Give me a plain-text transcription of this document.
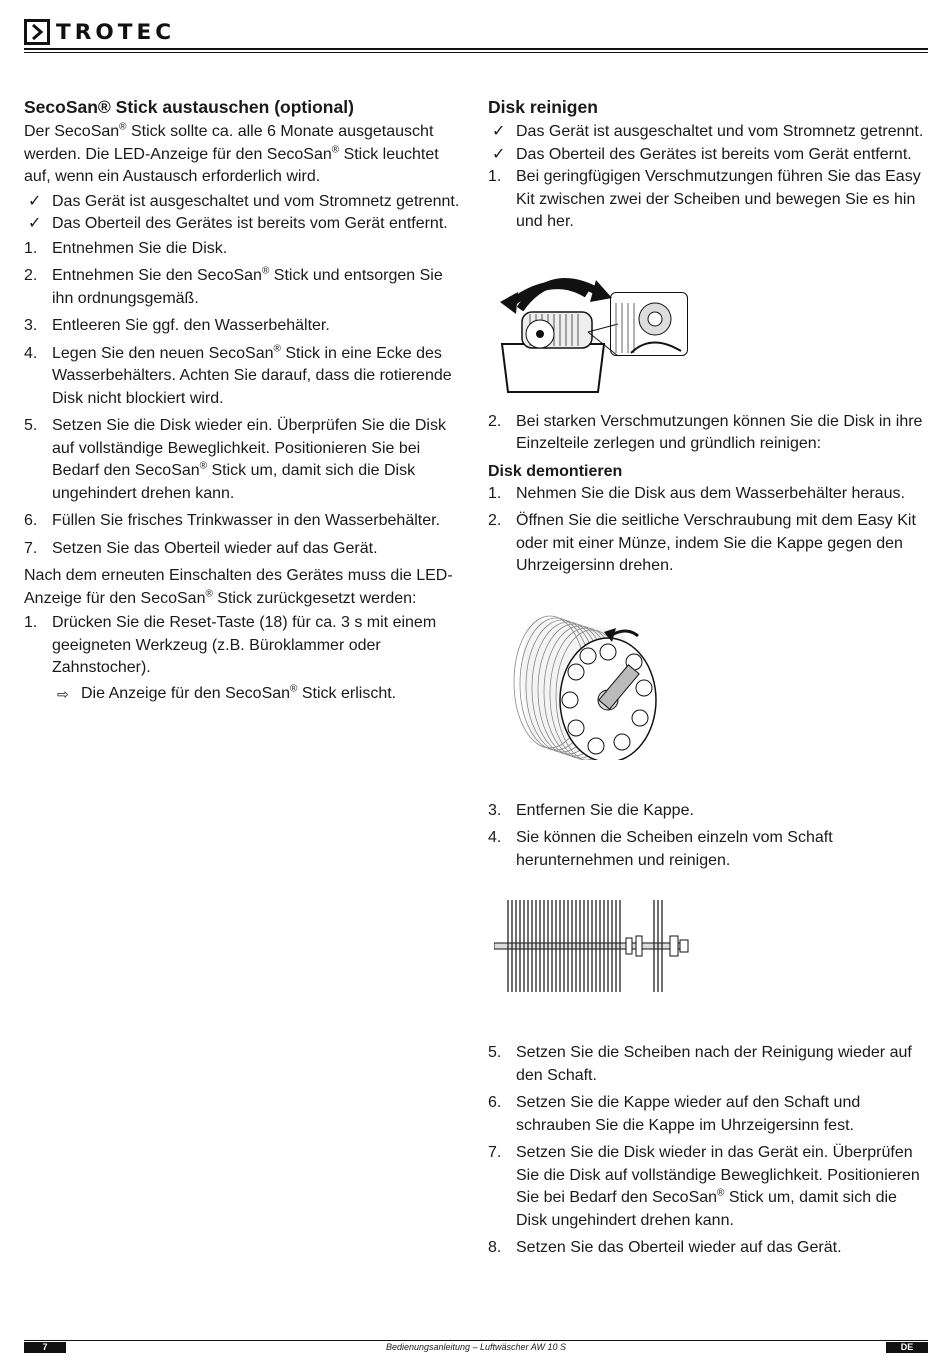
TROTEC
SecoSan® Stick austauschen (optional)

Der SecoSan® Stick sollte ca. alle 6 Monate ausgetauscht werden. Die LED-Anzeige für den SecoSan® Stick leuchtet auf, wenn ein Austausch erforderlich wird.

✓ Das Gerät ist ausgeschaltet und vom Stromnetz getrennt.
✓ Das Oberteil des Gerätes ist bereits vom Gerät entfernt.
1. Entnehmen Sie die Disk.
2. Entnehmen Sie den SecoSan® Stick und entsorgen Sie ihn ordnungsgemäß.
3. Entleeren Sie ggf. den Wasserbehälter.
4. Legen Sie den neuen SecoSan® Stick in eine Ecke des Wasserbehälters. Achten Sie darauf, dass die rotierende Disk nicht blockiert wird.
5. Setzen Sie die Disk wieder ein. Überprüfen Sie die Disk auf vollständige Beweglichkeit. Positionieren Sie bei Bedarf den SecoSan® Stick um, damit sich die Disk ungehindert drehen kann.
6. Füllen Sie frisches Trinkwasser in den Wasserbehälter.
7. Setzen Sie das Oberteil wieder auf das Gerät.

Nach dem erneuten Einschalten des Gerätes muss die LED-Anzeige für den SecoSan® Stick zurückgesetzt werden:

1. Drücken Sie die Reset-Taste (18) für ca. 3 s mit einem geeigneten Werkzeug (z.B. Büroklammer oder Zahnstocher).
⇨ Die Anzeige für den SecoSan® Stick erlischt.
Disk reinigen
✓ Das Gerät ist ausgeschaltet und vom Stromnetz getrennt.
✓ Das Oberteil des Gerätes ist bereits vom Gerät entfernt.
1. Bei geringfügigen Verschmutzungen führen Sie das Easy Kit zwischen zwei der Scheiben und bewegen Sie es hin und her.
2. Bei starken Verschmutzungen können Sie die Disk in ihre Einzelteile zerlegen und gründlich reinigen:
Disk demontieren
1. Nehmen Sie die Disk aus dem Wasserbehälter heraus.
2. Öffnen Sie die seitliche Verschraubung mit dem Easy Kit oder mit einer Münze, indem Sie die Kappe gegen den Uhrzeigersinn drehen.
3. Entfernen Sie die Kappe.
4. Sie können die Scheiben einzeln vom Schaft herunternehmen und reinigen.
5. Setzen Sie die Scheiben nach der Reinigung wieder auf den Schaft.
6. Setzen Sie die Kappe wieder auf den Schaft und schrauben Sie die Kappe im Uhrzeigersinn fest.
7. Setzen Sie die Disk wieder in das Gerät ein. Überprüfen Sie die Disk auf vollständige Beweglichkeit. Positionieren Sie bei Bedarf den SecoSan® Stick um, damit sich die Disk ungehindert drehen kann.
8. Setzen Sie das Oberteil wieder auf das Gerät.
7	Bedienungsanleitung – Luftwäscher AW 10 S	DE
